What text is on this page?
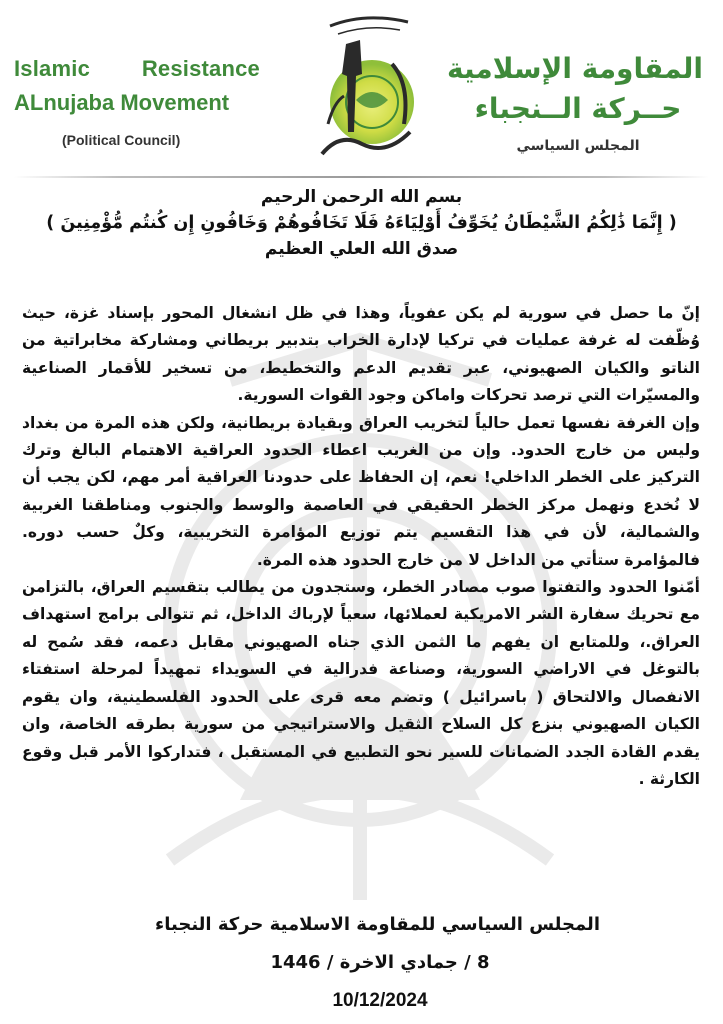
Islamic Resistance
ALnujaba Movement
(Political Council)
المقاومة الإسلامية
حــركة الــنجباء
المجلس السياسي
بسم الله الرحمن الرحيم
( إِنَّمَا ذَٰلِكُمُ الشَّيْطَانُ يُخَوِّفُ أَوْلِيَاءَهُ فَلَا تَخَافُوهُمْ وَخَافُونِ إِن كُنتُم مُّؤْمِنِينَ )
صدق الله العلي العظيم

إنّ ما حصل في سورية لم يكن عفوياً، وهذا في ظل انشغال المحور بإسناد غزة، حيث وُظّفت له غرفة عمليات في تركيا لإدارة الخراب بتدبير بريطاني ومشاركة مخابراتية من الناتو والكيان الصهيوني، عبر تقديم الدعم والتخطيط، من تسخير للأقمار الصناعية والمسيّرات التي ترصد تحركات واماكن وجود القوات السورية.

وإن الغرفة نفسها تعمل حالياً لتخريب العراق وبقيادة بريطانية، ولكن هذه المرة من بغداد وليس من خارج الحدود. وإن من الغريب اعطاء الحدود العراقية الاهتمام البالغ وترك التركيز على الخطر الداخلي! نعم، إن الحفاظ على حدودنا العراقية أمر مهم، لكن يجب أن لا نُخدع ونهمل مركز الخطر الحقيقي في العاصمة والوسط والجنوب ومناطقنا الغربية والشمالية، لأن في هذا التقسيم يتم توزيع المؤامرة التخريبية، وكلٌ حسب دوره. فالمؤامرة ستأتي من الداخل لا من خارج الحدود هذه المرة.

أمّنوا الحدود والتفتوا صوب مصادر الخطر، وستجدون من يطالب بتقسيم العراق، بالتزامن مع تحريك سفارة الشر الامريكية لعملائها، سعياً لإرباك الداخل، ثم تتوالى برامج استهداف العراق.، وللمتابع ان يفهم ما الثمن الذي جناه الصهيوني مقابل دعمه، فقد سُمح له بالتوغل في الاراضي السورية، وصناعة فدرالية في السويداء تمهيداً لمرحلة استفتاء الانفصال والالتحاق ( باسرائيل ) وتضم معه قرى على الحدود الفلسطينية، وان يقوم الكيان الصهيوني بنزع كل السلاح الثقيل والاستراتيجي من سورية بطرقه الخاصة، وان يقدم القادة الجدد الضمانات للسير نحو التطبيع في المستقبل ، فتداركوا الأمر قبل وقوع الكارثة .

المجلس السياسي للمقاومة الاسلامية حركة النجباء
8 / جمادي الاخرة / 1446
10/12/2024
